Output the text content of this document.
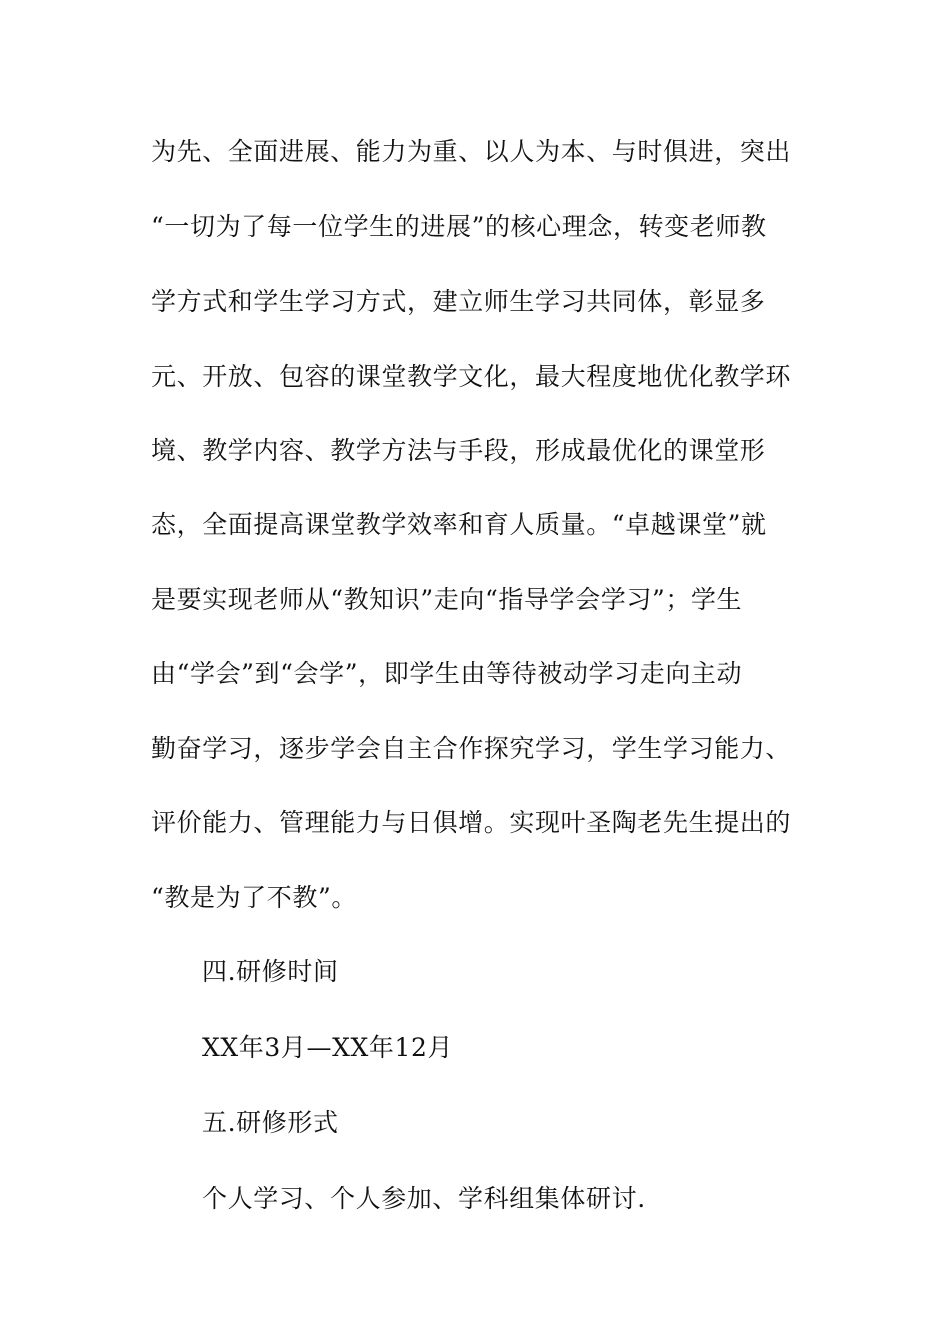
为先、全面进展、能力为重、以人为本、与时俱进，突出
“一切为了每一位学生的进展”的核心理念，转变老师教
学方式和学生学习方式，建立师生学习共同体，彰显多
元、开放、包容的课堂教学文化，最大程度地优化教学环
境、教学内容、教学方法与手段，形成最优化的课堂形
态，全面提高课堂教学效率和育人质量。“卓越课堂”就
是要实现老师从“教知识”走向“指导学会学习”；学生
由“学会”到“会学”，即学生由等待被动学习走向主动
勤奋学习，逐步学会自主合作探究学习，学生学习能力、
评价能力、管理能力与日俱增。实现叶圣陶老先生提出的
“教是为了不教”。
四.研修时间
XX年3月—XX年12月
五.研修形式
个人学习、个人参加、学科组集体研讨.
